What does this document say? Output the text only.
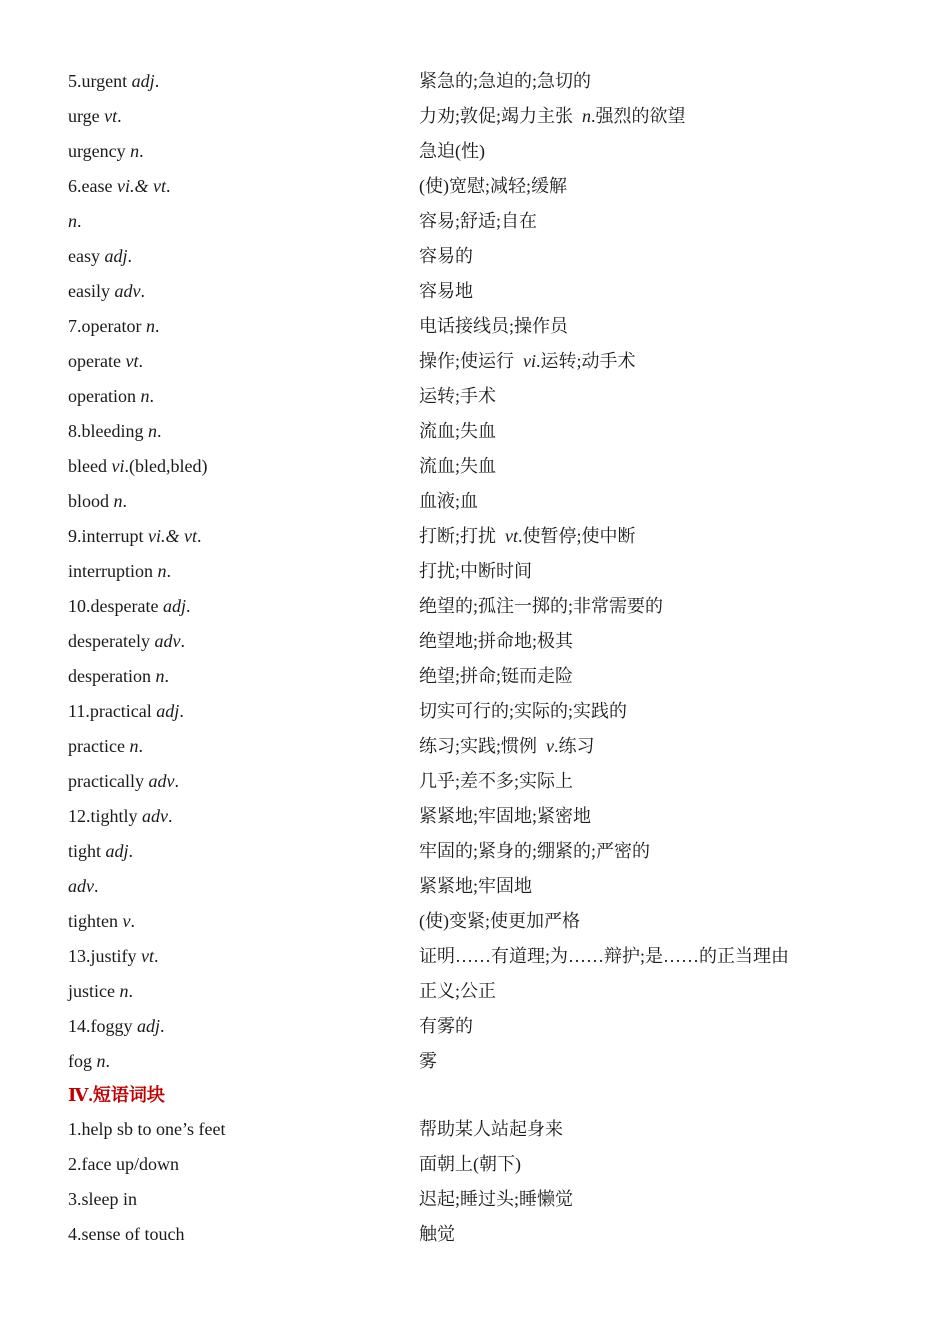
5.urgent adj.	紧急的;急迫的;急切的
urge vt.	力劝;敦促;竭力主张  n.强烈的欲望
urgency n.	急迫(性)
6.ease vi.& vt.	(使)宽慰;减轻;缓解
n.	容易;舒适;自在
easy adj.	容易的
easily adv.	容易地
7.operator n.	电话接线员;操作员
operate vt.	操作;使运行  vi.运转;动手术
operation n.	运转;手术
8.bleeding n.	流血;失血
bleed vi.(bled,bled)	流血;失血
blood n.	血液;血
9.interrupt vi.& vt.	打断;打扰  vt.使暂停;使中断
interruption n.	打扰;中断时间
10.desperate adj.	绝望的;孤注一掷的;非常需要的
desperately adv.	绝望地;拼命地;极其
desperation n.	绝望;拼命;铤而走险
11.practical adj.	切实可行的;实际的;实践的
practice n.	练习;实践;惯例  v.练习
practically adv.	几乎;差不多;实际上
12.tightly adv.	紧紧地;牢固地;紧密地
tight adj.	牢固的;紧身的;绷紧的;严密的
adv.	紧紧地;牢固地
tighten v.	(使)变紧;使更加严格
13.justify vt.	证明……有道理;为……辩护;是……的正当理由
justice n.	正义;公正
14.foggy adj.	有雾的
fog n.	雾
Ⅳ.短语词块
1.help sb to one’s feet	帮助某人站起身来
2.face up/down	面朝上(朝下)
3.sleep in	迟起;睡过头;睡懒觉
4.sense of touch	触觉
